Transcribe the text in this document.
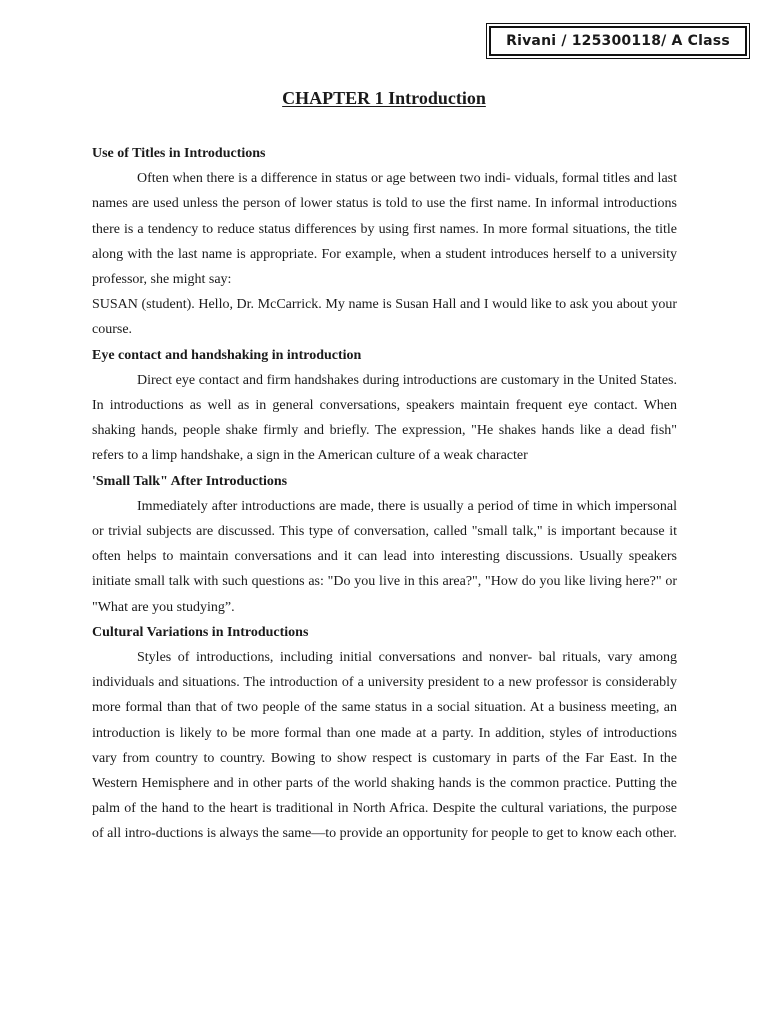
Rivani / 125300118/ A Class
CHAPTER 1 Introduction
Use of Titles in Introductions

Often when there is a difference in status or age between two indi- viduals, formal titles and last names are used unless the person of lower status is told to use the first name. In informal introductions there is a tendency to reduce status differences by using first names. In more formal situations, the title along with the last name is appropriate. For example, when a student introduces herself to a university professor, she might say:

SUSAN (student). Hello, Dr. McCarrick. My name is Susan Hall and I would like to ask you about your course.

Eye contact and handshaking in introduction

Direct eye contact and firm handshakes during introductions are customary in the United States. In introductions as well as in general conversations, speakers maintain frequent eye contact. When shaking hands, people shake firmly and briefly. The expression, "He shakes hands like a dead fish" refers to a limp handshake, a sign in the American culture of a weak character

'Small Talk" After Introductions

Immediately after introductions are made, there is usually a period of time in which impersonal or trivial subjects are discussed. This type of conversation, called "small talk," is important because it often helps to maintain conversations and it can lead into interesting discussions. Usually speakers initiate small talk with such questions as: "Do you live in this area?", "How do you like living here?" or "What are you studying”.

Cultural Variations in Introductions

Styles of introductions, including initial conversations and nonver- bal rituals, vary among individuals and situations. The introduction of a university president to a new professor is considerably more formal than that of two people of the same status in a social situation. At a business meeting, an introduction is likely to be more formal than one made at a party. In addition, styles of introductions vary from country to country. Bowing to show respect is customary in parts of the Far East. In the Western Hemisphere and in other parts of the world shaking hands is the common practice. Putting the palm of the hand to the heart is traditional in North Africa. Despite the cultural variations, the purpose of all intro-ductions is always the same—to provide an opportunity for people to get to know each other.
